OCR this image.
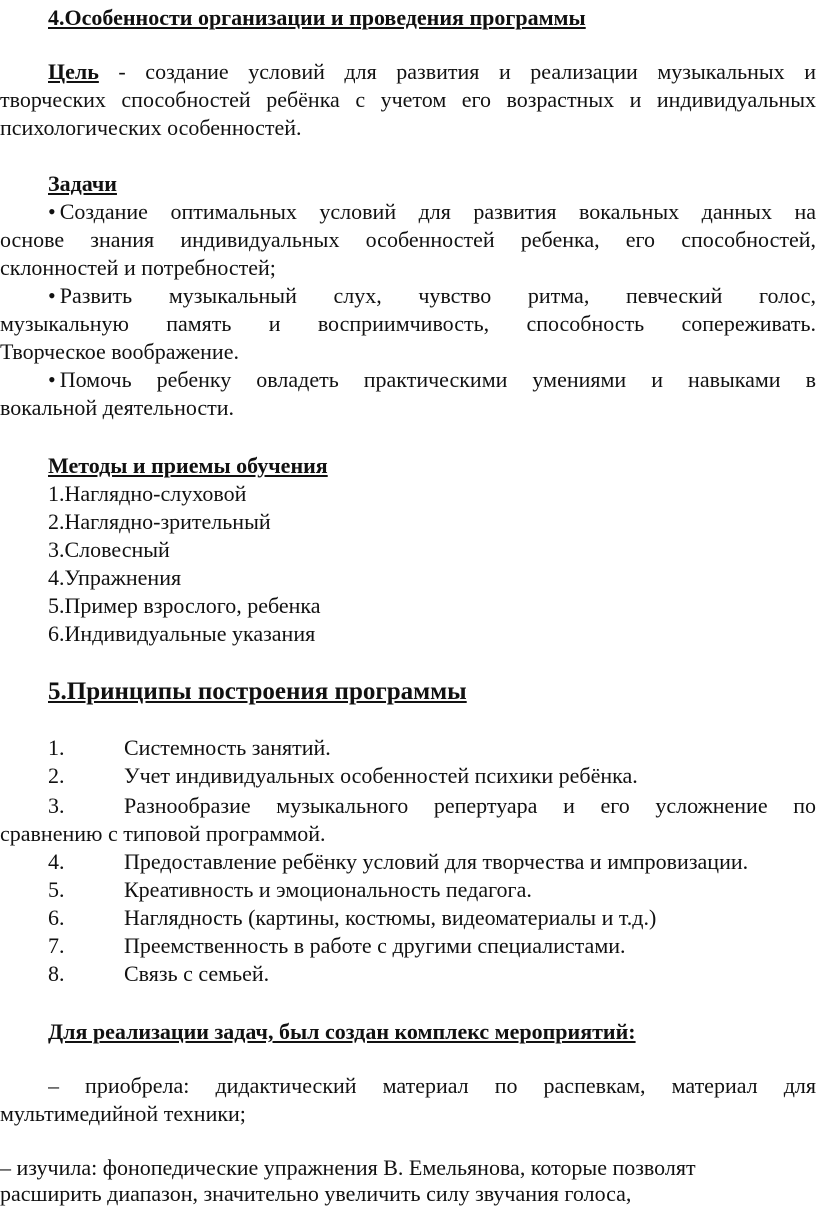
4.Особенности организации и проведения программы
Цель - создание условий для развития и реализации музыкальных и
творческих способностей ребёнка с учетом его возрастных и индивидуальных
психологических особенностей.
Задачи
• Создание оптимальных условий для развития вокальных данных на
основе знания индивидуальных особенностей ребенка, его способностей,
склонностей и потребностей;
• Развить музыкальный слух, чувство ритма, певческий голос,
музыкальную память и восприимчивость, способность сопереживать.
Творческое воображение.
• Помочь ребенку овладеть практическими умениями и навыками в
вокальной деятельности.
Методы и приемы обучения
1.Наглядно-слуховой
2.Наглядно-зрительный
3.Словесный
4.Упражнения
5.Пример взрослого, ребенка
6.Индивидуальные указания
5.Принципы построения программы
1.	Системность занятий.
2.	Учет индивидуальных особенностей психики ребёнка.
3.	Разнообразие музыкального репертуара и его усложнение по
сравнению с типовой программой.
4.	Предоставление ребёнку условий для творчества и импровизации.
5.	Креативность и эмоциональность педагога.
6.	Наглядность (картины, костюмы, видеоматериалы и т.д.)
7.	Преемственность в работе с другими специалистами.
8.	Связь с семьей.
Для реализации задач, был создан комплекс мероприятий:
– приобрела: дидактический материал по распевкам, материал для
мультимедийной техники;
– изучила: фонопедические упражнения В. Емельянова, которые позволят
расширить диапазон, значительно увеличить силу звучания голоса,
